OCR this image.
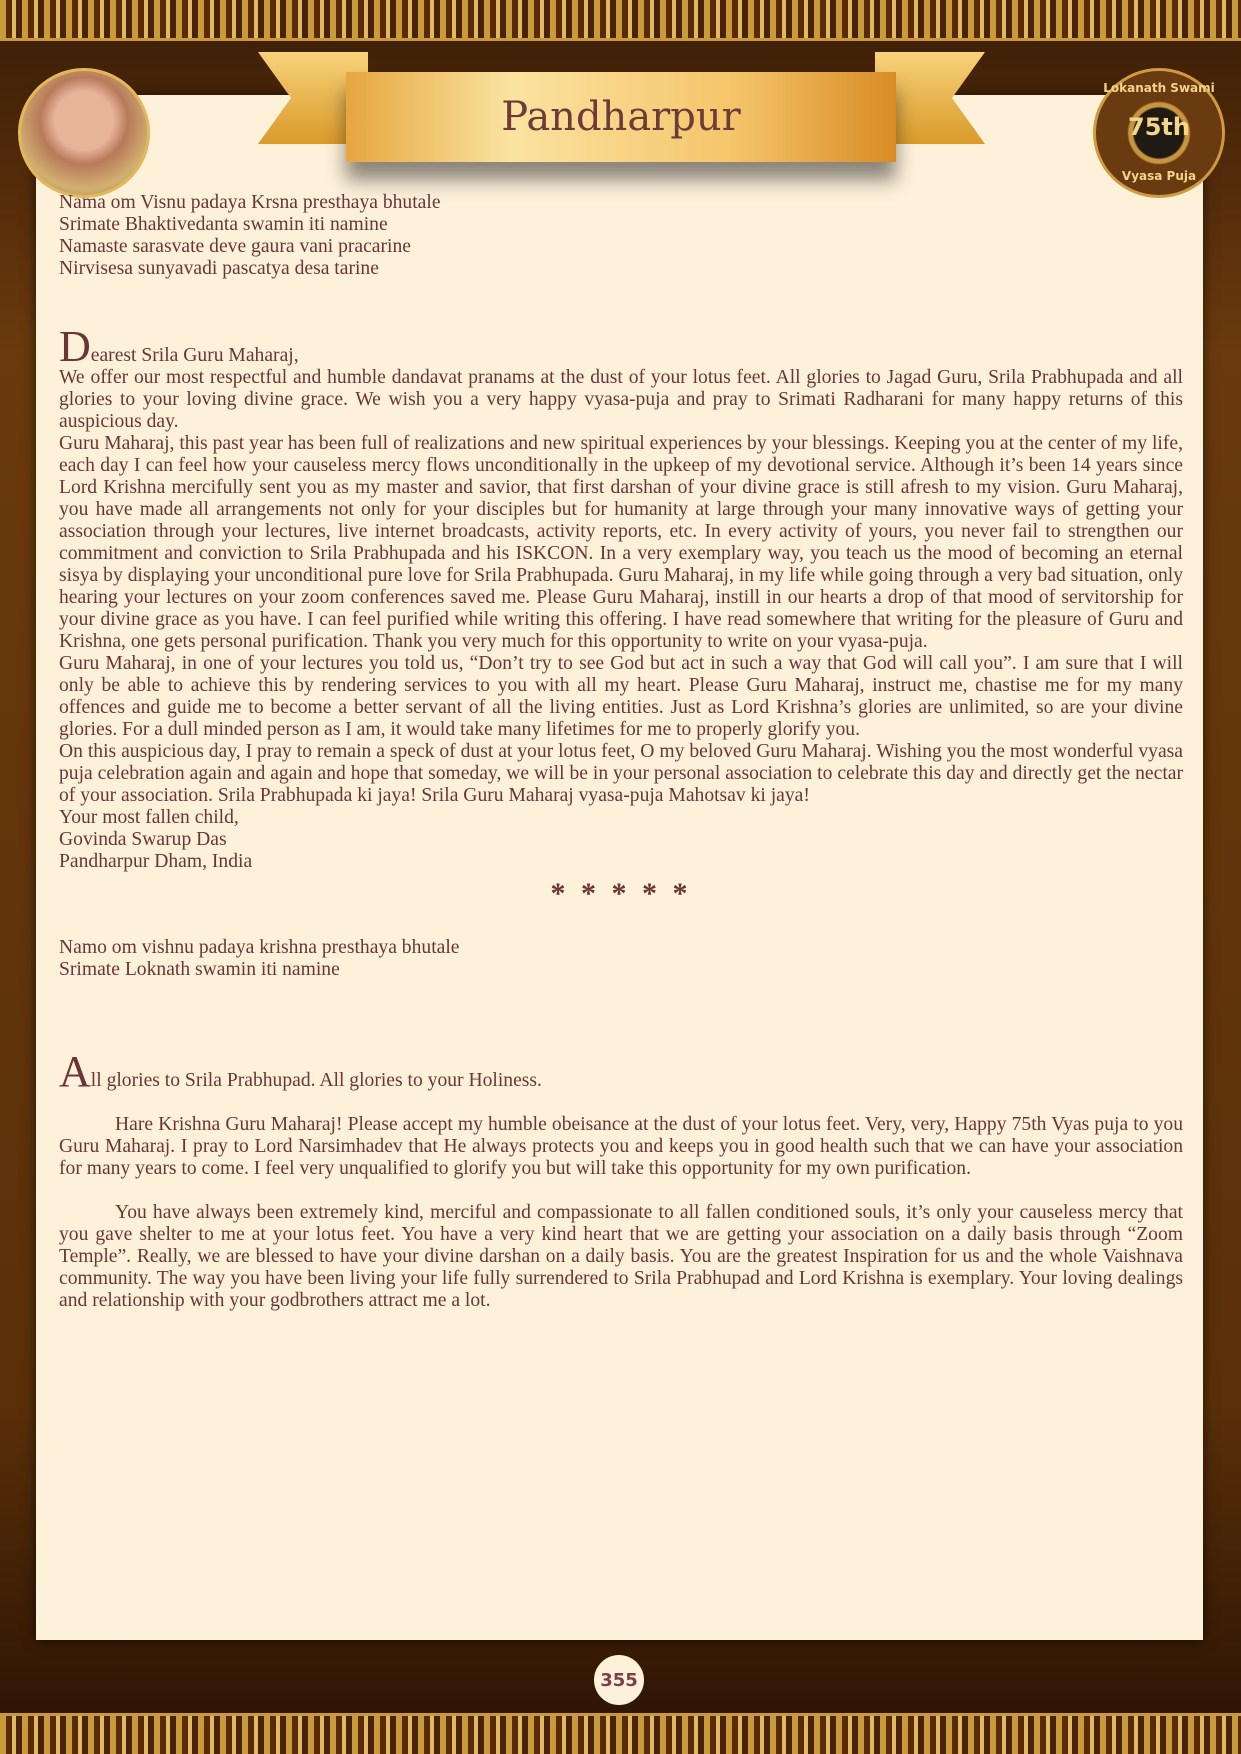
Pandharpur
Lokanath Swami
75th
Vyasa Puja

Nama om Visnu padaya Krsna presthaya bhutale

Srimate Bhaktivedanta swamin iti namine

Namaste sarasvate deve gaura vani pracarine

Nirvisesa sunyavadi pascatya desa tarine

Dearest Srila Guru Maharaj,

We offer our most respectful and humble dandavat pranams at the dust of your lotus feet. All glories to Jagad Guru, Srila Prabhupada and all glories to your loving divine grace. We wish you a very happy vyasa-puja and pray to Srimati Radharani for many happy returns of this auspicious day.

Guru Maharaj, this past year has been full of realizations and new spiritual experiences by your blessings. Keeping you at the center of my life, each day I can feel how your causeless mercy flows unconditionally in the upkeep of my devotional service. Although it’s been 14 years since Lord Krishna mercifully sent you as my master and savior, that first darshan of your divine grace is still afresh to my vision. Guru Maharaj, you have made all arrangements not only for your disciples but for humanity at large through your many innovative ways of getting your association through your lectures, live internet broadcasts, activity reports, etc. In every activity of yours, you never fail to strengthen our commitment and conviction to Srila Prabhupada and his ISKCON. In a very exemplary way, you teach us the mood of becoming an eternal sisya by displaying your unconditional pure love for Srila Prabhupada. Guru Maharaj, in my life while going through a very bad situation, only hearing your lectures on your zoom conferences saved me. Please Guru Maharaj, instill in our hearts a drop of that mood of servitorship for your divine grace as you have. I can feel purified while writing this offering. I have read somewhere that writing for the pleasure of Guru and Krishna, one gets personal purification. Thank you very much for this opportunity to write on your vyasa-puja.

Guru Maharaj, in one of your lectures you told us, “Don’t try to see God but act in such a way that God will call you”. I am sure that I will only be able to achieve this by rendering services to you with all my heart. Please Guru Maharaj, instruct me, chastise me for my many offences and guide me to become a better servant of all the living entities. Just as Lord Krishna’s glories are unlimited, so are your divine glories. For a dull minded person as I am, it would take many lifetimes for me to properly glorify you.

On this auspicious day, I pray to remain a speck of dust at your lotus feet, O my beloved Guru Maharaj. Wishing you the most wonderful vyasa puja celebration again and again and hope that someday, we will be in your personal association to celebrate this day and directly get the nectar of your association. Srila Prabhupada ki jaya! Srila Guru Maharaj vyasa-puja Mahotsav ki jaya!

Your most fallen child,

Govinda Swarup Das

Pandharpur Dham, India

* * * * *

Namo om vishnu padaya krishna presthaya bhutale

Srimate Loknath swamin iti namine

All glories to Srila Prabhupad. All glories to your Holiness.

Hare Krishna Guru Maharaj! Please accept my humble obeisance at the dust of your lotus feet. Very, very, Happy 75th Vyas puja to you Guru Maharaj. I pray to Lord Narsimhadev that He always protects you and keeps you in good health such that we can have your association for many years to come. I feel very unqualified to glorify you but will take this opportunity for my own purification.

You have always been extremely kind, merciful and compassionate to all fallen conditioned souls, it’s only your causeless mercy that you gave shelter to me at your lotus feet. You have a very kind heart that we are getting your association on a daily basis through “Zoom Temple”. Really, we are blessed to have your divine darshan on a daily basis. You are the greatest Inspiration for us and the whole Vaishnava community. The way you have been living your life fully surrendered to Srila Prabhupad and Lord Krishna is exemplary. Your loving dealings and relationship with your godbrothers attract me a lot.

355
